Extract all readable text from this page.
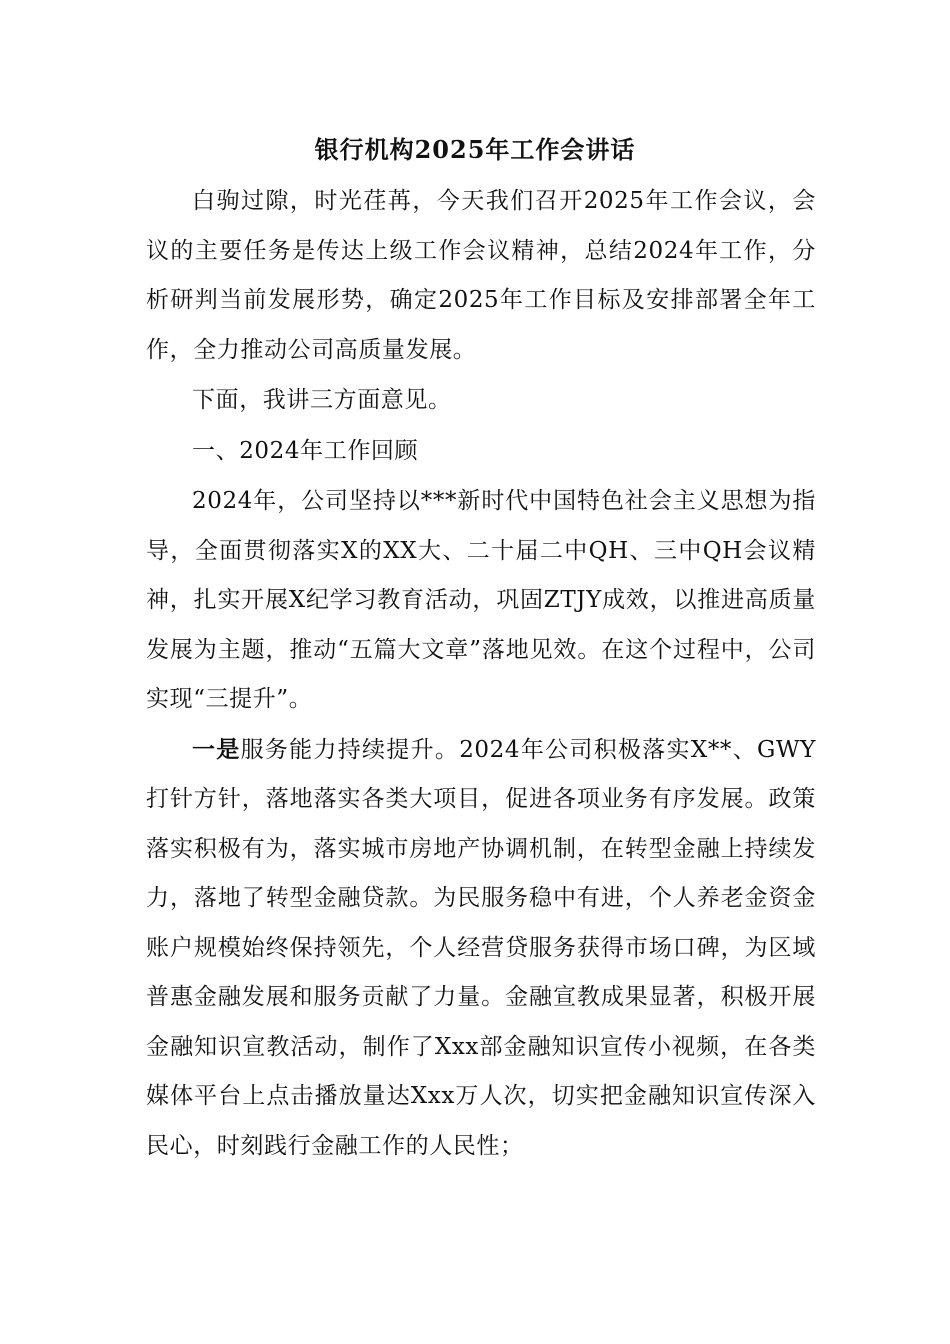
银行机构2025年工作会讲话

白驹过隙，时光荏苒，今天我们召开2025年工作会议，会议的主要任务是传达上级工作会议精神，总结2024年工作，分析研判当前发展形势，确定2025年工作目标及安排部署全年工作，全力推动公司高质量发展。

下面，我讲三方面意见。

一、2024年工作回顾

2024年，公司坚持以***新时代中国特色社会主义思想为指导，全面贯彻落实X的XX大、二十届二中QH、三中QH会议精神，扎实开展X纪学习教育活动，巩固ZTJY成效，以推进高质量发展为主题，推动“五篇大文章”落地见效。在这个过程中，公司实现“三提升”。

一是服务能力持续提升。2024年公司积极落实X**、GWY打针方针，落地落实各类大项目，促进各项业务有序发展。政策落实积极有为，落实城市房地产协调机制，在转型金融上持续发力，落地了转型金融贷款。为民服务稳中有进，个人养老金资金账户规模始终保持领先，个人经营贷服务获得市场口碑，为区域普惠金融发展和服务贡献了力量。金融宣教成果显著，积极开展金融知识宣教活动，制作了Xxx部金融知识宣传小视频，在各类媒体平台上点击播放量达Xxx万人次，切实把金融知识宣传深入民心，时刻践行金融工作的人民性；
